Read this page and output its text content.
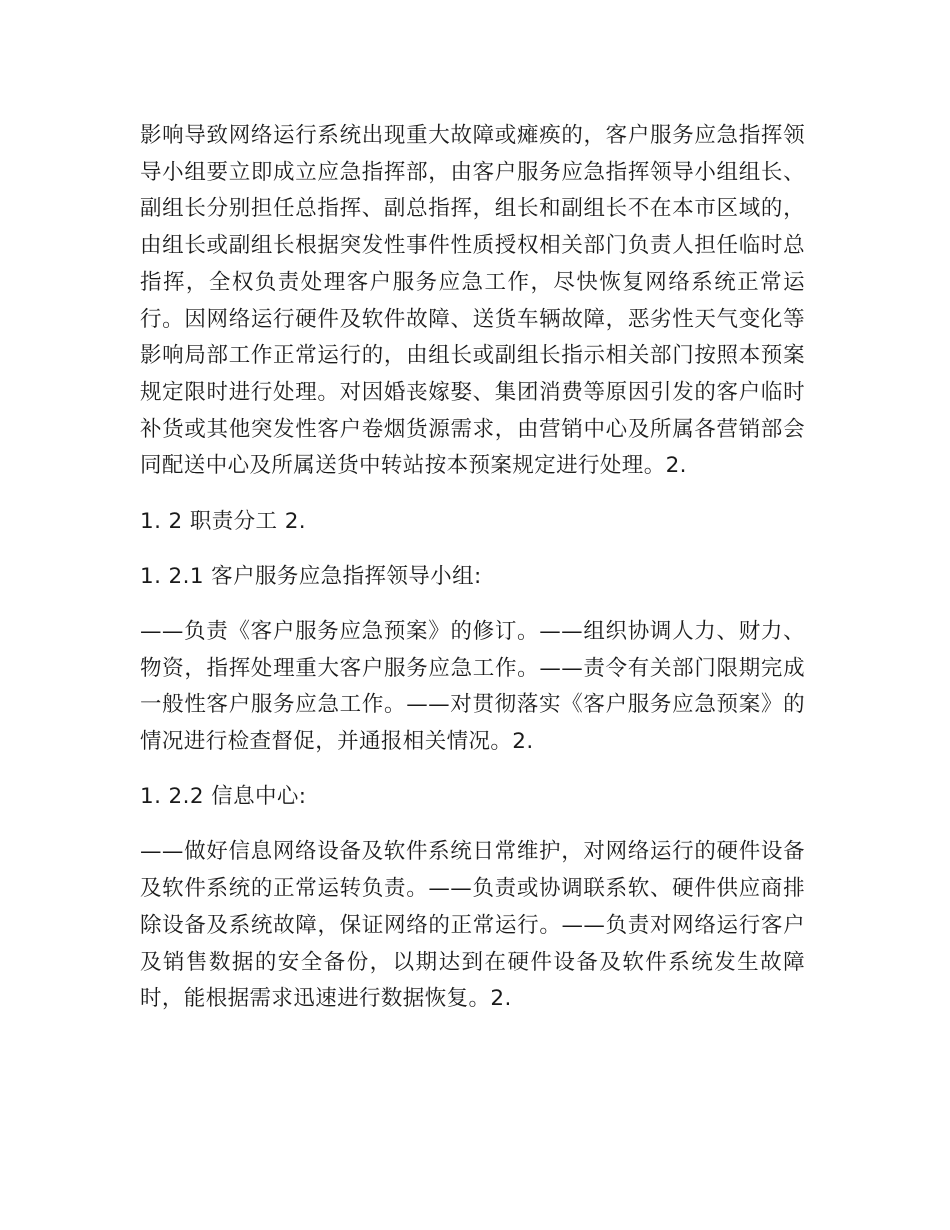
影响导致网络运行系统出现重大故障或瘫痪的，客户服务应急指挥领导小组要立即成立应急指挥部，由客户服务应急指挥领导小组组长、副组长分别担任总指挥、副总指挥，组长和副组长不在本市区域的，由组长或副组长根据突发性事件性质授权相关部门负责人担任临时总指挥，全权负责处理客户服务应急工作，尽快恢复网络系统正常运行。因网络运行硬件及软件故障、送货车辆故障，恶劣性天气变化等影响局部工作正常运行的，由组长或副组长指示相关部门按照本预案规定限时进行处理。对因婚丧嫁娶、集团消费等原因引发的客户临时补货或其他突发性客户卷烟货源需求，由营销中心及所属各营销部会同配送中心及所属送货中转站按本预案规定进行处理。2.

1. 2 职责分工 2.

1. 2.1 客户服务应急指挥领导小组:

——负责《客户服务应急预案》的修订。——组织协调人力、财力、物资，指挥处理重大客户服务应急工作。——责令有关部门限期完成一般性客户服务应急工作。——对贯彻落实《客户服务应急预案》的情况进行检查督促，并通报相关情况。2.

1. 2.2 信息中心:

——做好信息网络设备及软件系统日常维护，对网络运行的硬件设备及软件系统的正常运转负责。——负责或协调联系软、硬件供应商排除设备及系统故障，保证网络的正常运行。——负责对网络运行客户及销售数据的安全备份，以期达到在硬件设备及软件系统发生故障时，能根据需求迅速进行数据恢复。2.
